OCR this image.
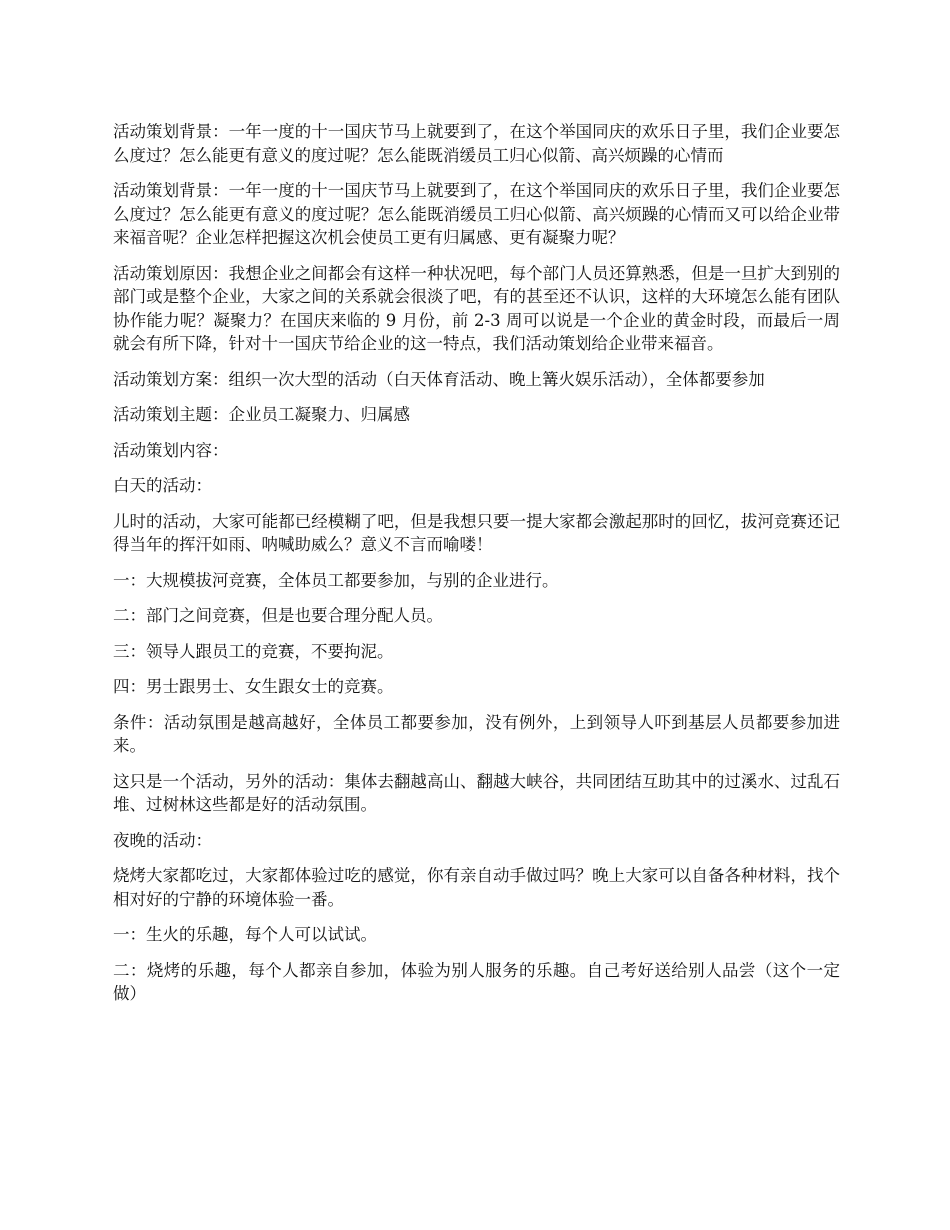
活动策划背景：一年一度的十一国庆节马上就要到了，在这个举国同庆的欢乐日子里，我们企业要怎么度过？怎么能更有意义的度过呢？怎么能既消缓员工归心似箭、高兴烦躁的心情而

活动策划背景：一年一度的十一国庆节马上就要到了，在这个举国同庆的欢乐日子里，我们企业要怎么度过？怎么能更有意义的度过呢？怎么能既消缓员工归心似箭、高兴烦躁的心情而又可以给企业带来福音呢？企业怎样把握这次机会使员工更有归属感、更有凝聚力呢？

活动策划原因：我想企业之间都会有这样一种状况吧，每个部门人员还算熟悉，但是一旦扩大到别的部门或是整个企业，大家之间的关系就会很淡了吧，有的甚至还不认识，这样的大环境怎么能有团队协作能力呢？凝聚力？在国庆来临的 9 月份，前 2-3 周可以说是一个企业的黄金时段，而最后一周就会有所下降，针对十一国庆节给企业的这一特点，我们活动策划给企业带来福音。

活动策划方案：组织一次大型的活动（白天体育活动、晚上篝火娱乐活动），全体都要参加

活动策划主题：企业员工凝聚力、归属感

活动策划内容：

白天的活动：

儿时的活动，大家可能都已经模糊了吧，但是我想只要一提大家都会激起那时的回忆，拔河竞赛还记得当年的挥汗如雨、呐喊助威么？意义不言而喻喽！

一：大规模拔河竞赛，全体员工都要参加，与别的企业进行。

二：部门之间竞赛，但是也要合理分配人员。

三：领导人跟员工的竞赛，不要拘泥。

四：男士跟男士、女生跟女士的竞赛。

条件：活动氛围是越高越好，全体员工都要参加，没有例外，上到领导人吓到基层人员都要参加进来。

这只是一个活动，另外的活动：集体去翻越高山、翻越大峡谷，共同团结互助其中的过溪水、过乱石堆、过树林这些都是好的活动氛围。

夜晚的活动：

烧烤大家都吃过，大家都体验过吃的感觉，你有亲自动手做过吗？晚上大家可以自备各种材料，找个相对好的宁静的环境体验一番。

一：生火的乐趣，每个人可以试试。

二：烧烤的乐趣，每个人都亲自参加，体验为别人服务的乐趣。自己考好送给别人品尝（这个一定做）
